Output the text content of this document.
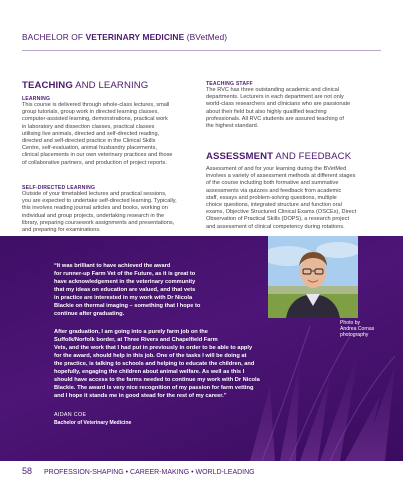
BACHELOR OF VETERINARY MEDICINE (BVetMed)
TEACHING AND LEARNING
LEARNING
This course is delivered through whole-class lectures, small
group tutorials, group work in directed learning classes,
computer-assisted learning, demonstrations, practical work
in laboratory and dissection classes, practical classes
utilising live animals, directed and self-directed reading,
directed and self-directed practice in the Clinical Skills
Centre, self-evaluation, animal husbandry placements,
clinical placements in our own veterinary practices and those
of collaborative partners, and production of project reports.
SELF-DIRECTED LEARNING
Outside of your timetabled lectures and practical sessions,
you are expected to undertake self-directed learning. Typically,
this involves reading journal articles and books, working on
individual and group projects, undertaking research in the
library, preparing coursework assignments and presentations,
and preparing for examinations.
TEACHING STAFF
The RVC has three outstanding academic and clinical
departments. Lecturers in each department are not only
world-class researchers and clinicians who are passionate
about their field but also highly qualified teaching
professionals. All RVC students are assured teaching of
the highest standard.
ASSESSMENT AND FEEDBACK
Assessment of and for your learning during the BVetMed
involves a variety of assessment methods at different stages
of the course including both formative and summative
assessments via quizzes and feedback from academic
staff, essays and problem-solving questions, multiple
choice questions, integrated structure and function oral
exams, Objective Structured Clinical Exams (OSCEs), Direct
Observation of Practical Skills (DOPS), a research project
and assessment of clinical competency during rotations.
Photo by
Andrea Cornas
photography
“It was brilliant to have achieved the award
for runner-up Farm Vet of the Future, as it is great to
have acknowledgement in the veterinary community
that my ideas on education are valued, and that vets
in practice are interested in my work with Dr Nicola
Blackie on thermal imaging – something that I hope to
continue after graduating.
After graduation, I am going into a purely farm job on the
Suffolk/Norfolk border, at Three Rivers and Chapelfield Farm
Vets, and the work that I had put in previously in order to be able to apply
for the award, should help in this job. One of the tasks I will be doing at
the practice, is talking to schools and helping to educate the children, and
hopefully, engaging the children about animal welfare. As well as this I
should have access to the farms needed to continue my work with Dr Nicola
Blackie. The award is very nice recognition of my passion for farm vetting
and I hope it stands me in good stead for the rest of my career.”
AIDAN COE
Bachelor of Veterinary Medicine
58 PROFESSION-SHAPING • CAREER-MAKING • WORLD-LEADING
